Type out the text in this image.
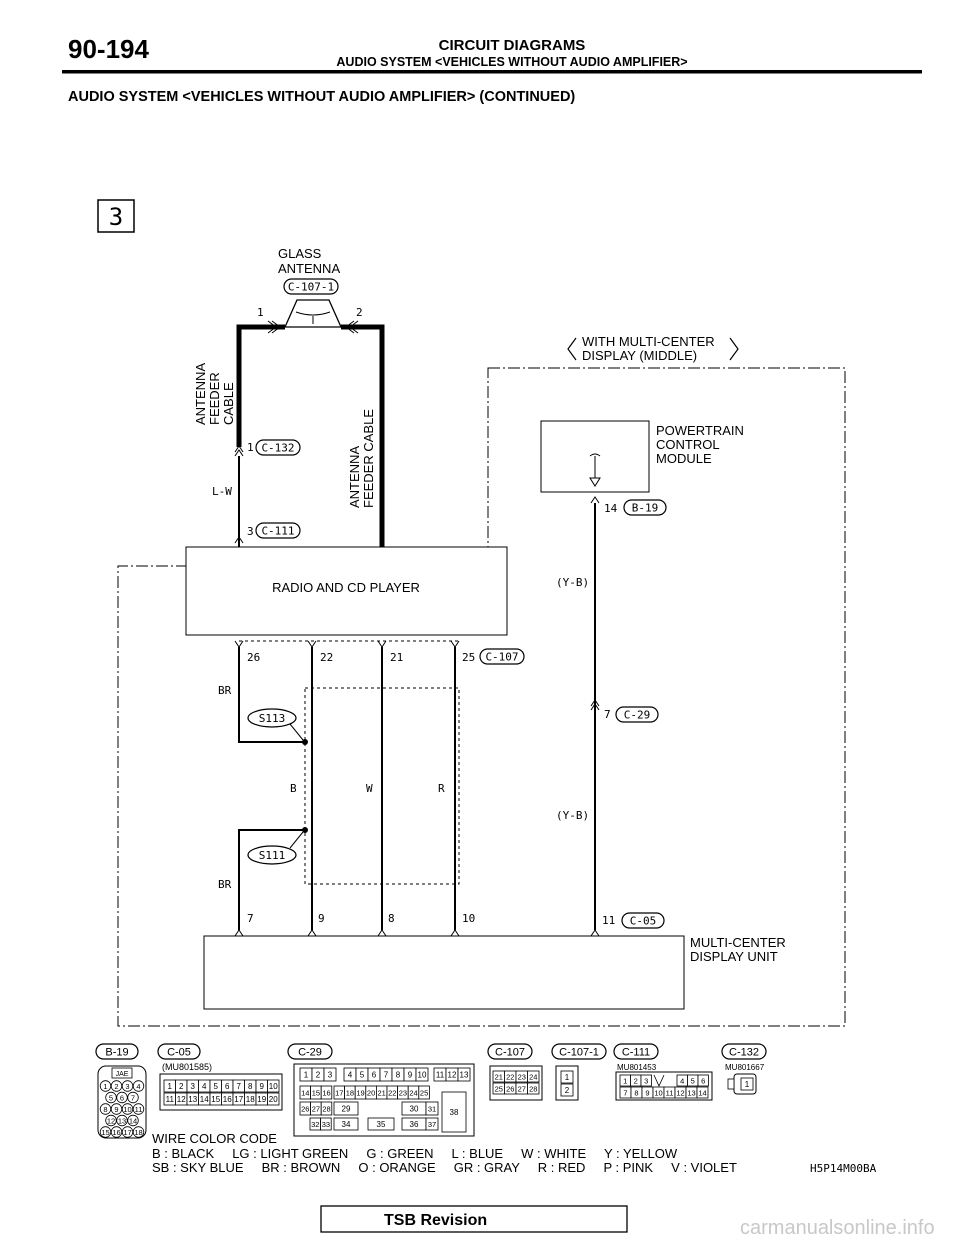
90-194	CIRCUIT DIAGRAMS
AUDIO SYSTEM <VEHICLES WITHOUT AUDIO AMPLIFIER>
AUDIO SYSTEM <VEHICLES WITHOUT AUDIO AMPLIFIER> (CONTINUED)
3
GLASS
ANTENNA
C-107-1
1	2
ANTENNA FEEDER CABLE
ANTENNA FEEDER CABLE
1 C-132
L-W
3 C-111
WITH MULTI-CENTER
DISPLAY (MIDDLE)
POWERTRAIN
CONTROL
MODULE
14 B-19
(Y-B)
7 C-29
(Y-B)
RADIO AND CD PLAYER
26	22	21	25 C-107
BR
BR
S113
S111
B	W	R
7	9	8	10	11 C-05
MULTI-CENTER
DISPLAY UNIT
B-19
JAE
1 2 3 4
5 6 7
8 9 10 11
12 13 14
15 16 17 18
C-05
(MU801585)
1 2 3 4 5 6 7 8 9 10
11 12 13 14 15 16 17 18 19 20
C-29
1 2 3 4 5 6 7 8 9 10 11 12 13
14 15 16 17 18 19 20 21 22 23 24 25
26 27 28 29	30 31
32 33 34	35	36 37
38
C-107
21 22 23 24
25 26 27 28
C-107-1
1
2
C-111
MU801453
1 2 3	4 5 6
7 8 9 10 11 12 13 14
C-132
MU801667
1
WIRE COLOR CODE
B : BLACK     LG : LIGHT GREEN     G : GREEN     L : BLUE     W : WHITE     Y : YELLOW
SB : SKY BLUE     BR : BROWN     O : ORANGE     GR : GRAY     R : RED     P : PINK     V : VIOLET	H5P14M00BA
TSB Revision	carmanualsonline.info
